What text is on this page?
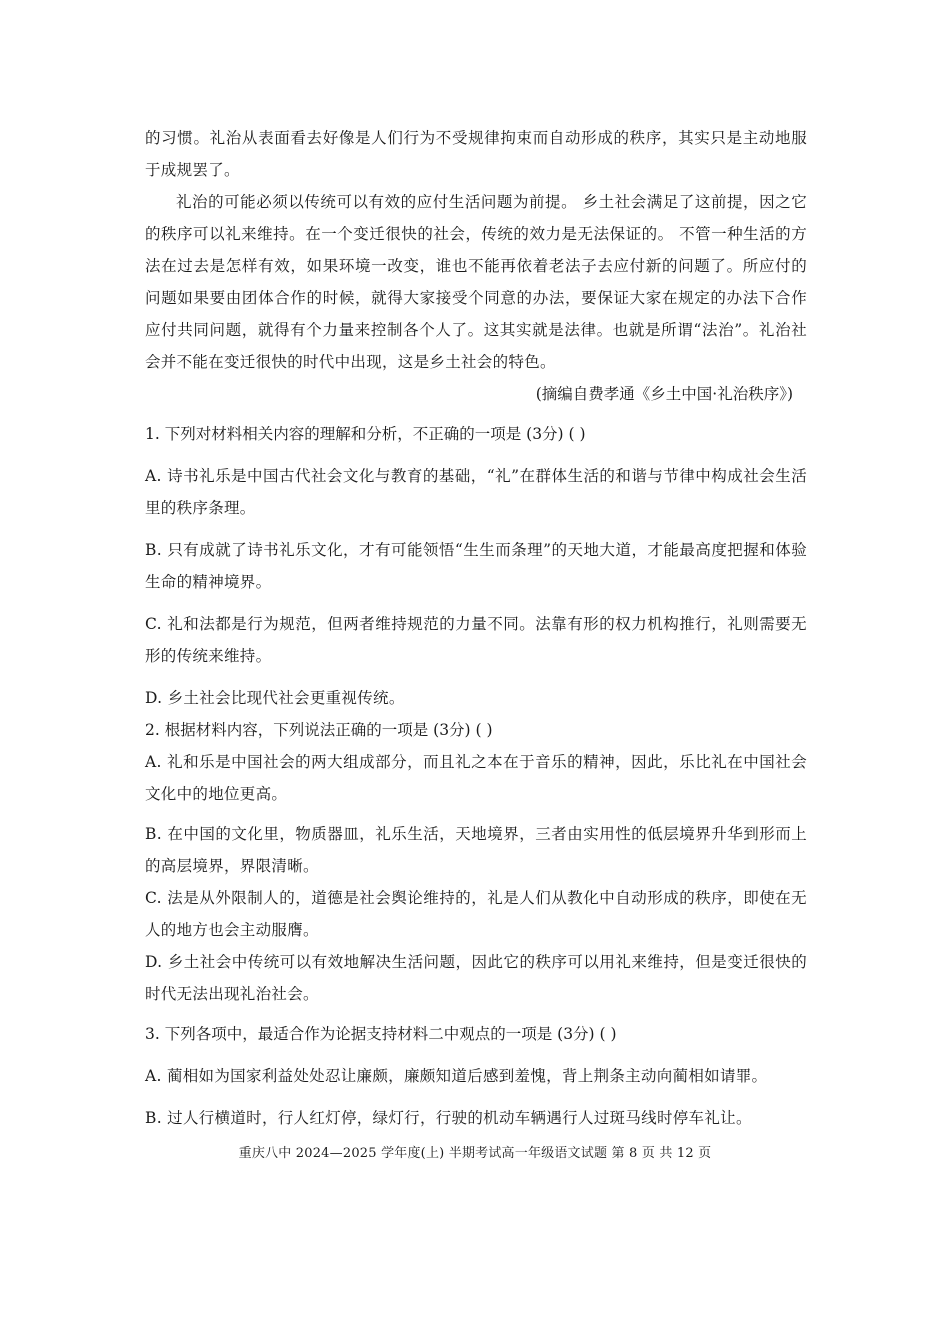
的习惯。礼治从表面看去好像是人们行为不受规律拘束而自动形成的秩序，其实只是主动地服于成规罢了。

礼治的可能必须以传统可以有效的应付生活问题为前提。 乡土社会满足了这前提，因之它的秩序可以礼来维持。在一个变迁很快的社会，传统的效力是无法保证的。 不管一种生活的方法在过去是怎样有效，如果环境一改变，谁也不能再依着老法子去应付新的问题了。所应付的问题如果要由团体合作的时候，就得大家接受个同意的办法，要保证大家在规定的办法下合作应付共同问题，就得有个力量来控制各个人了。这其实就是法律。也就是所谓“法治”。礼治社会并不能在变迁很快的时代中出现，这是乡土社会的特色。

(摘编自费孝通《乡土中国·礼治秩序》)

1. 下列对材料相关内容的理解和分析，不正确的一项是 (3分) ( )

A. 诗书礼乐是中国古代社会文化与教育的基础，“礼”在群体生活的和谐与节律中构成社会生活里的秩序条理。

B. 只有成就了诗书礼乐文化，才有可能领悟“生生而条理”的天地大道，才能最高度把握和体验生命的精神境界。

C. 礼和法都是行为规范，但两者维持规范的力量不同。法靠有形的权力机构推行，礼则需要无形的传统来维持。

D. 乡土社会比现代社会更重视传统。

2. 根据材料内容，下列说法正确的一项是 (3分) ( )

A. 礼和乐是中国社会的两大组成部分，而且礼之本在于音乐的精神，因此，乐比礼在中国社会文化中的地位更高。

B. 在中国的文化里，物质器皿，礼乐生活，天地境界，三者由实用性的低层境界升华到形而上的高层境界，界限清晰。

C. 法是从外限制人的，道德是社会舆论维持的，礼是人们从教化中自动形成的秩序，即使在无人的地方也会主动服膺。

D. 乡土社会中传统可以有效地解决生活问题，因此它的秩序可以用礼来维持，但是变迁很快的时代无法出现礼治社会。

3. 下列各项中，最适合作为论据支持材料二中观点的一项是 (3分) ( )

A. 蔺相如为国家利益处处忍让廉颇，廉颇知道后感到羞愧，背上荆条主动向蔺相如请罪。

B. 过人行横道时，行人红灯停，绿灯行，行驶的机动车辆遇行人过斑马线时停车礼让。

重庆八中 2024—2025 学年度(上) 半期考试高一年级语文试题 第 8 页 共 12 页
